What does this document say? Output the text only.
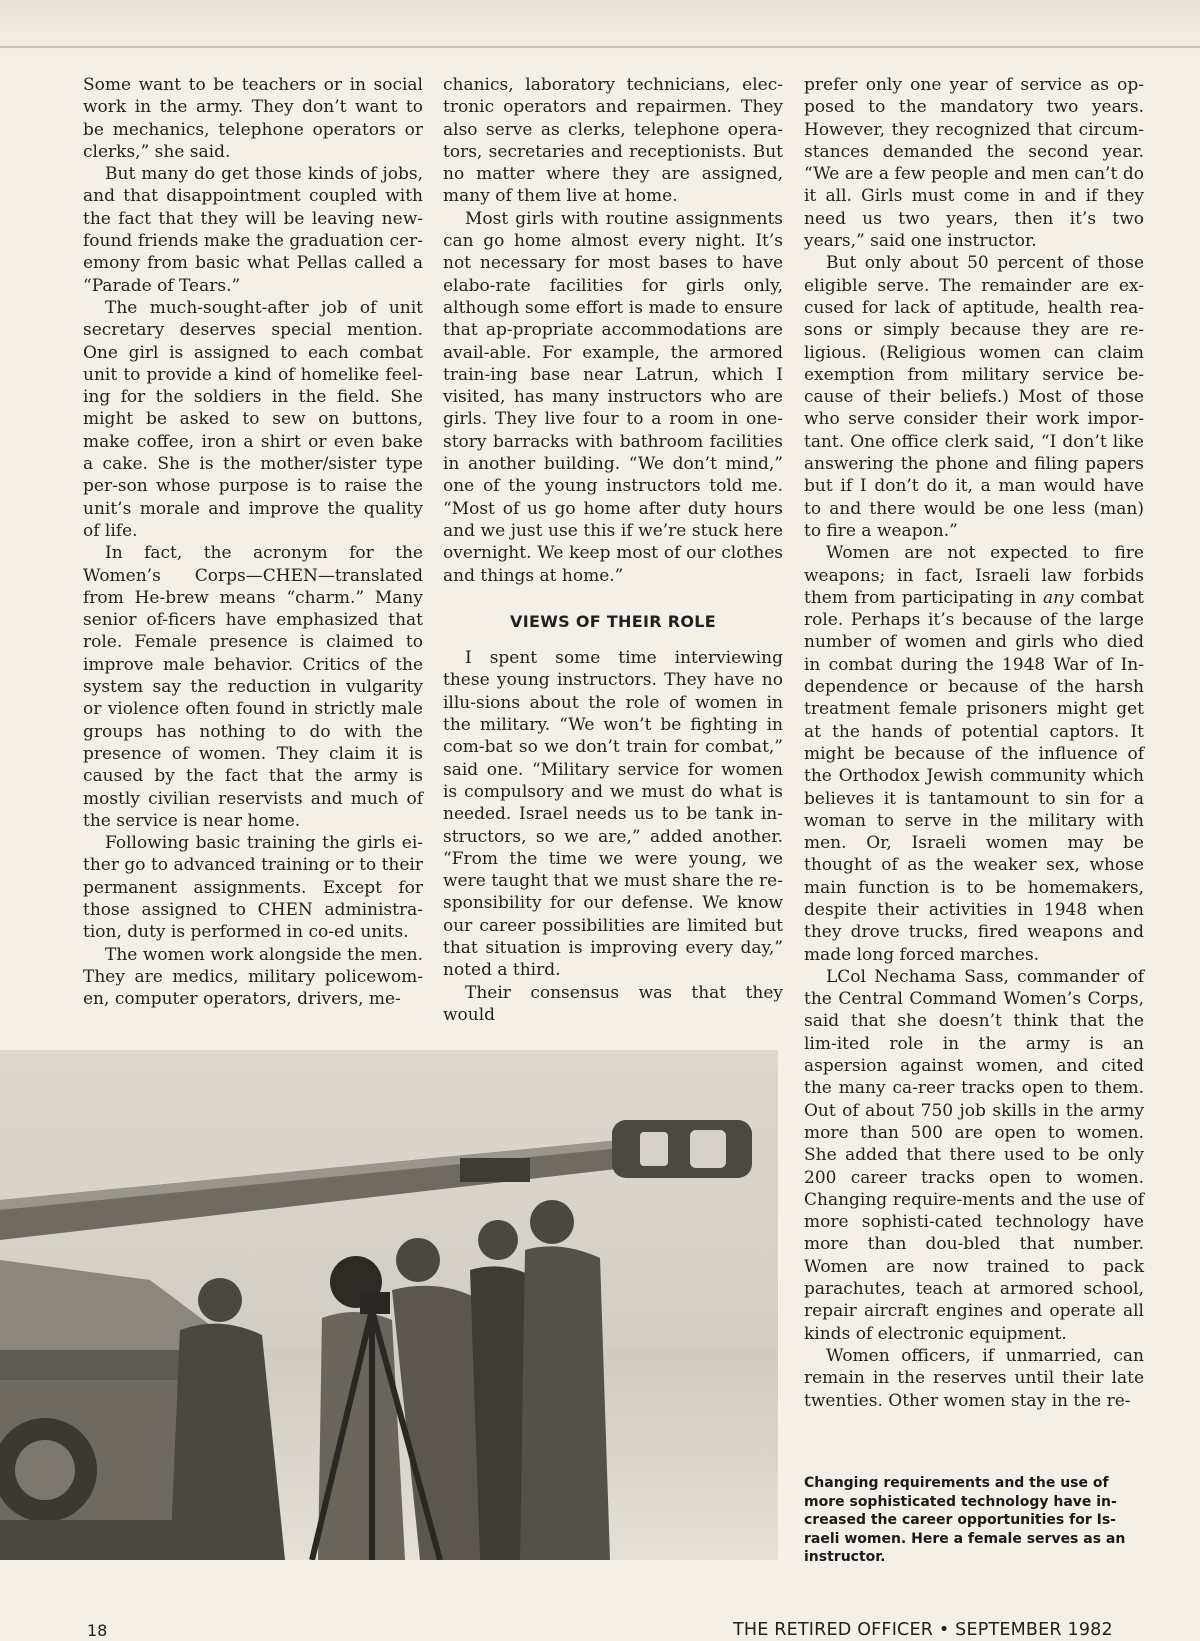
Some want to be teachers or in social work in the army. They don’t want to be mechanics, telephone operators or clerks,” she said.

But many do get those kinds of jobs, and that disappointment coupled with the fact that they will be leaving new-found friends make the graduation cer-emony from basic what Pellas called a “Parade of Tears.”

The much-sought-after job of unit secretary deserves special mention. One girl is assigned to each combat unit to provide a kind of homelike feel-ing for the soldiers in the field. She might be asked to sew on buttons, make coffee, iron a shirt or even bake a cake. She is the mother/sister type per-son whose purpose is to raise the unit’s morale and improve the quality of life.

In fact, the acronym for the Women’s Corps—CHEN—translated from He-brew means “charm.” Many senior of-ficers have emphasized that role. Female presence is claimed to improve male behavior. Critics of the system say the reduction in vulgarity or violence often found in strictly male groups has nothing to do with the presence of women. They claim it is caused by the fact that the army is mostly civilian reservists and much of the service is near home.

Following basic training the girls ei-ther go to advanced training or to their permanent assignments. Except for those assigned to CHEN administra-tion, duty is performed in co-ed units.

The women work alongside the men. They are medics, military policewom-en, computer operators, drivers, me-

chanics, laboratory technicians, elec-tronic operators and repairmen. They also serve as clerks, telephone opera-tors, secretaries and receptionists. But no matter where they are assigned, many of them live at home.

Most girls with routine assignments can go home almost every night. It’s not necessary for most bases to have elabo-rate facilities for girls only, although some effort is made to ensure that ap-propriate accommodations are avail-able. For example, the armored train-ing base near Latrun, which I visited, has many instructors who are girls. They live four to a room in one-story barracks with bathroom facilities in another building. “We don’t mind,” one of the young instructors told me. “Most of us go home after duty hours and we just use this if we’re stuck here overnight. We keep most of our clothes and things at home.”

VIEWS OF THEIR ROLE

I spent some time interviewing these young instructors. They have no illu-sions about the role of women in the military. “We won’t be fighting in com-bat so we don’t train for combat,” said one. “Military service for women is compulsory and we must do what is needed. Israel needs us to be tank in-structors, so we are,” added another. “From the time we were young, we were taught that we must share the re-sponsibility for our defense. We know our career possibilities are limited but that situation is improving every day,” noted a third.

Their consensus was that they would

prefer only one year of service as op-posed to the mandatory two years. However, they recognized that circum-stances demanded the second year. “We are a few people and men can’t do it all. Girls must come in and if they need us two years, then it’s two years,” said one instructor.

But only about 50 percent of those eligible serve. The remainder are ex-cused for lack of aptitude, health rea-sons or simply because they are re-ligious. (Religious women can claim exemption from military service be-cause of their beliefs.) Most of those who serve consider their work impor-tant. One office clerk said, “I don’t like answering the phone and filing papers but if I don’t do it, a man would have to and there would be one less (man) to fire a weapon.”

Women are not expected to fire weapons; in fact, Israeli law forbids them from participating in any combat role. Perhaps it’s because of the large number of women and girls who died in combat during the 1948 War of In-dependence or because of the harsh treatment female prisoners might get at the hands of potential captors. It might be because of the influence of the Orthodox Jewish community which believes it is tantamount to sin for a woman to serve in the military with men. Or, Israeli women may be thought of as the weaker sex, whose main function is to be homemakers, despite their activities in 1948 when they drove trucks, fired weapons and made long forced marches.

LCol Nechama Sass, commander of the Central Command Women’s Corps, said that she doesn’t think that the lim-ited role in the army is an aspersion against women, and cited the many ca-reer tracks open to them. Out of about 750 job skills in the army more than 500 are open to women. She added that there used to be only 200 career tracks open to women. Changing require-ments and the use of more sophisti-cated technology have more than dou-bled that number. Women are now trained to pack parachutes, teach at armored school, repair aircraft engines and operate all kinds of electronic equipment.

Women officers, if unmarried, can remain in the reserves until their late twenties. Other women stay in the re-

Changing requirements and the use of more sophisticated technology have in-creased the career opportunities for Is-raeli women. Here a female serves as an instructor.
18	THE RETIRED OFFICER • SEPTEMBER 1982
